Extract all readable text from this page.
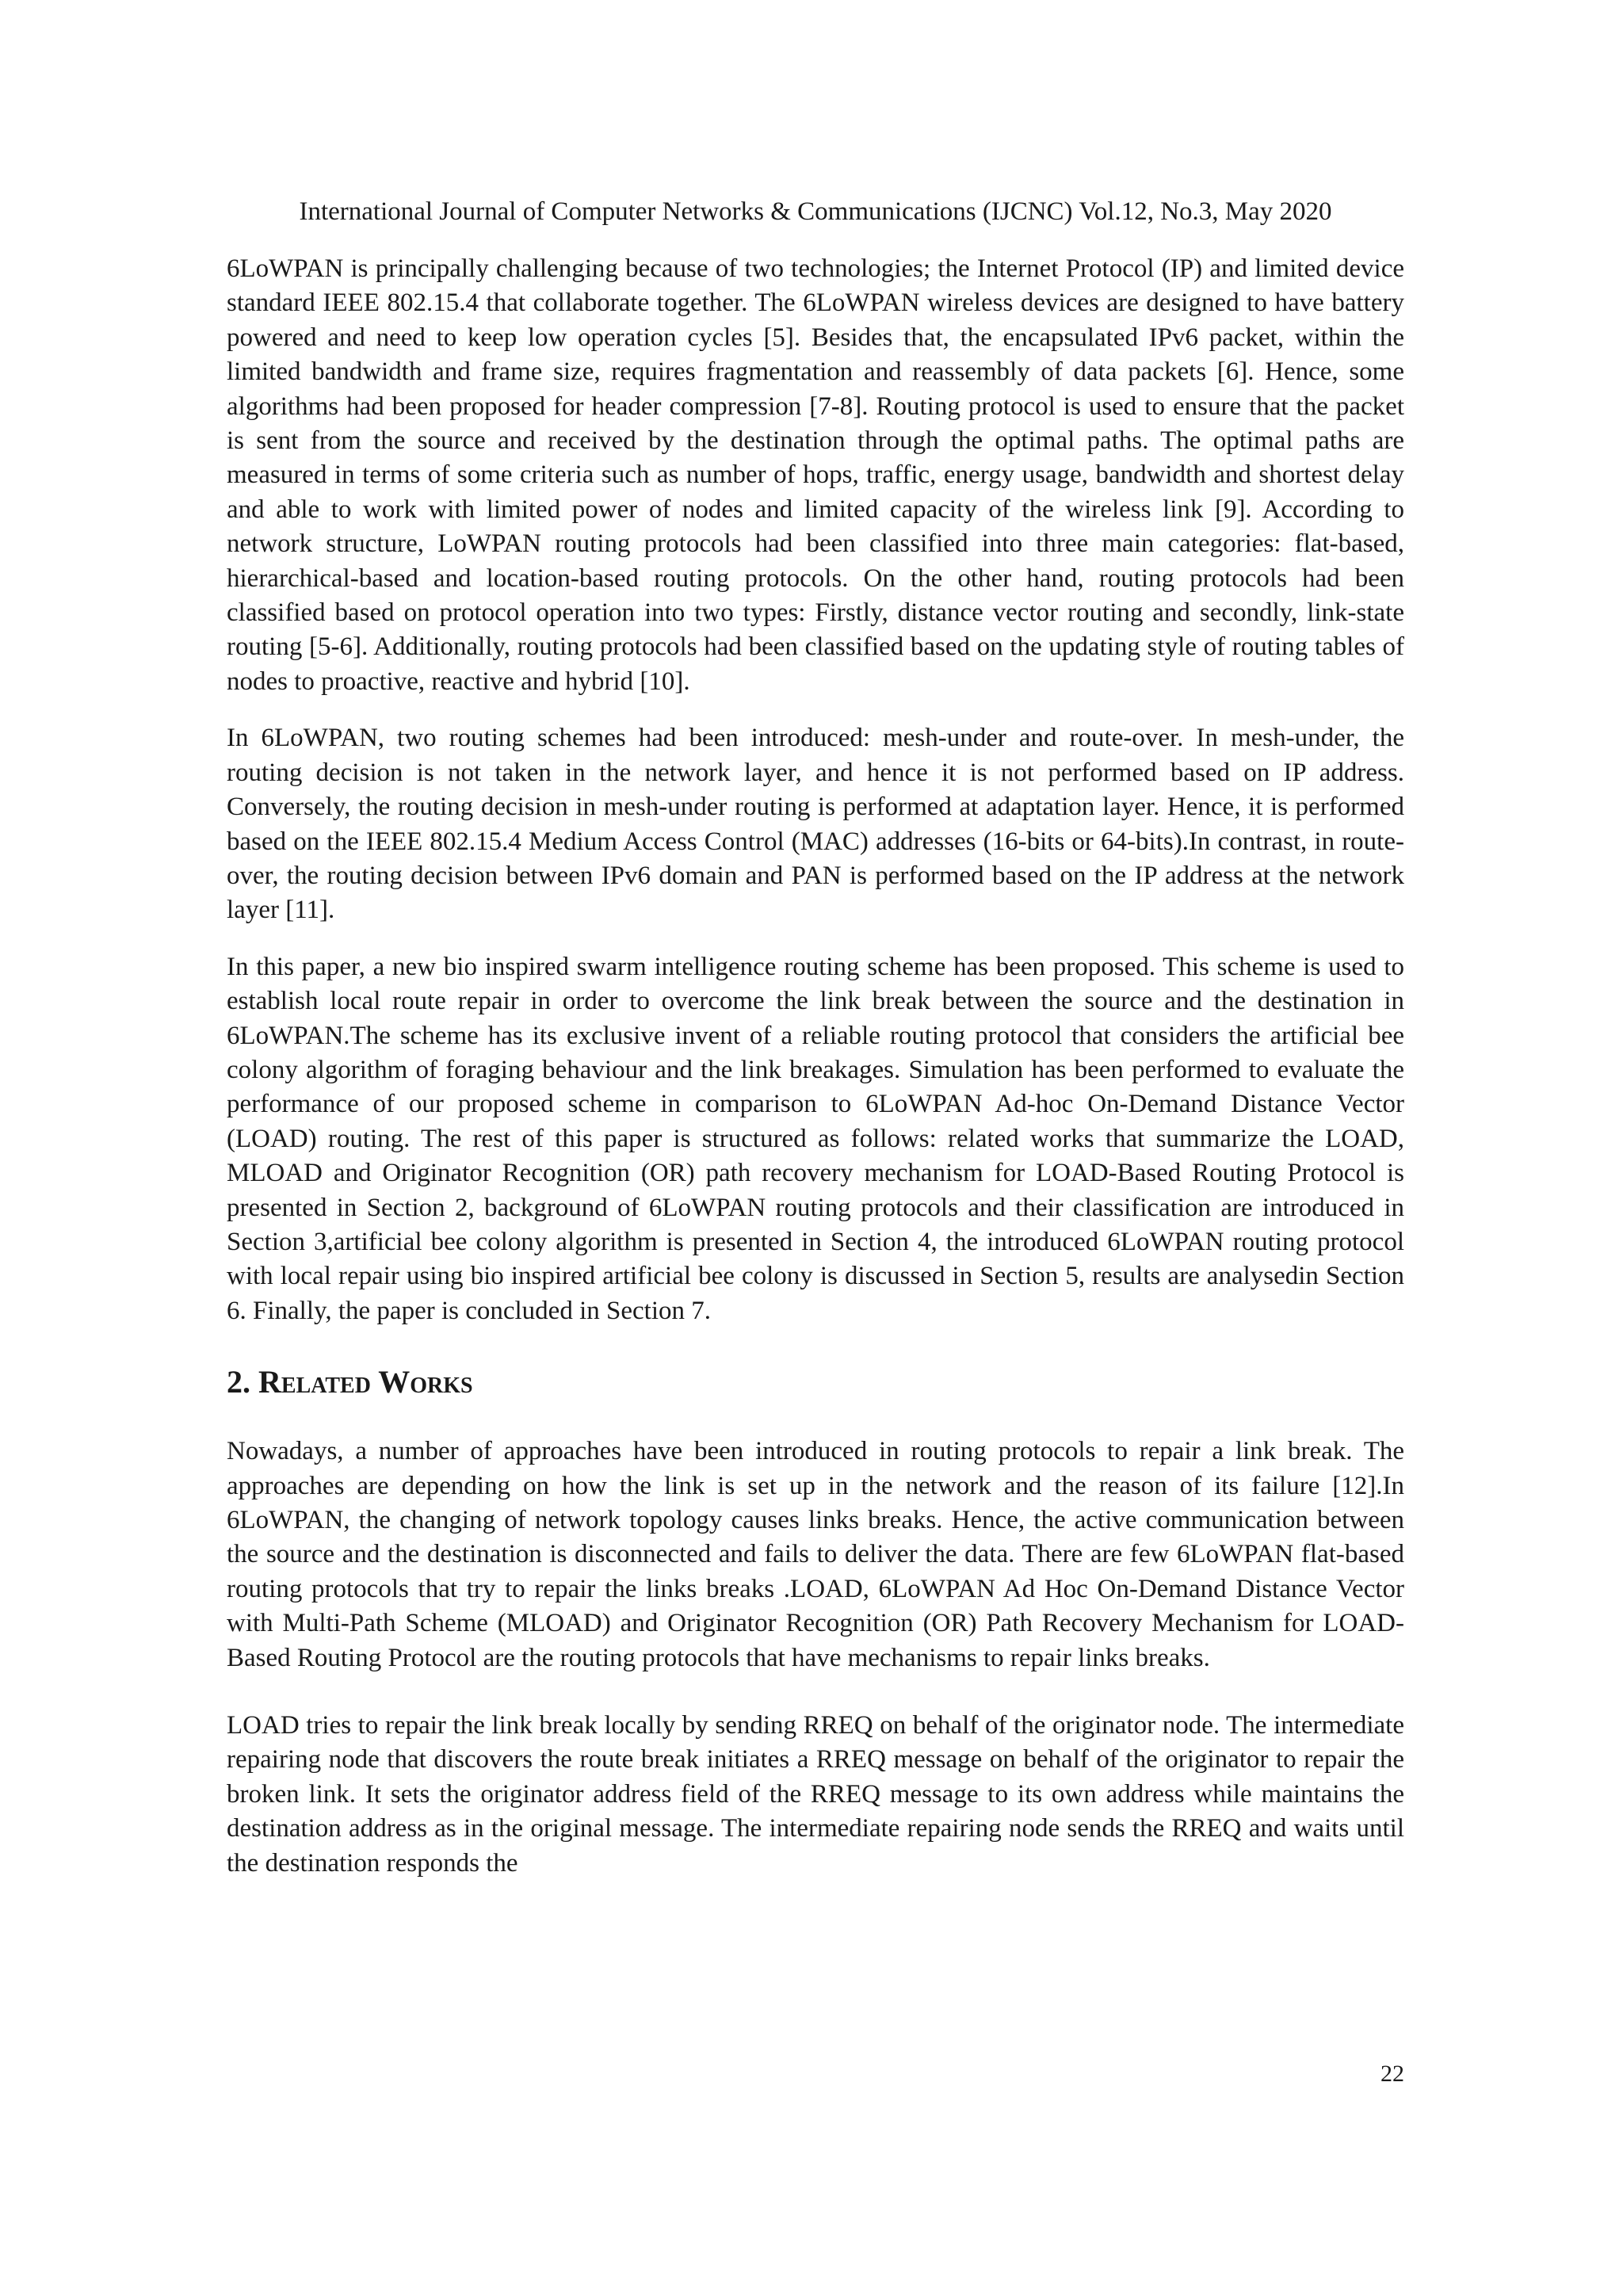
International Journal of Computer Networks & Communications (IJCNC) Vol.12, No.3, May 2020

6LoWPAN is principally challenging because of two technologies; the Internet Protocol (IP) and limited device standard IEEE 802.15.4 that collaborate together. The 6LoWPAN wireless devices are designed to have battery powered and need to keep low operation cycles [5]. Besides that, the encapsulated IPv6 packet, within the limited bandwidth and frame size, requires fragmentation and reassembly of data packets [6]. Hence, some algorithms had been proposed for header compression [7-8]. Routing protocol is used to ensure that the packet is sent from the source and received by the destination through the optimal paths. The optimal paths are measured in terms of some criteria such as number of hops, traffic, energy usage, bandwidth and shortest delay and able to work with limited power of nodes and limited capacity of the wireless link [9]. According to network structure, LoWPAN routing protocols had been classified into three main categories: flat-based, hierarchical-based and location-based routing protocols. On the other hand, routing protocols had been classified based on protocol operation into two types: Firstly, distance vector routing and secondly, link-state routing [5-6]. Additionally, routing protocols had been classified based on the updating style of routing tables of nodes to proactive, reactive and hybrid [10].

In 6LoWPAN, two routing schemes had been introduced: mesh-under and route-over. In mesh-under, the routing decision is not taken in the network layer, and hence it is not performed based on IP address. Conversely, the routing decision in mesh-under routing is performed at adaptation layer. Hence, it is performed based on the IEEE 802.15.4 Medium Access Control (MAC) addresses (16-bits or 64-bits).In contrast, in route-over, the routing decision between IPv6 domain and PAN is performed based on the IP address at the network layer [11].

In this paper, a new bio inspired swarm intelligence routing scheme has been proposed. This scheme is used to establish local route repair in order to overcome the link break between the source and the destination in 6LoWPAN.The scheme has its exclusive invent of a reliable routing protocol that considers the artificial bee colony algorithm of foraging behaviour and the link breakages. Simulation has been performed to evaluate the performance of our proposed scheme in comparison to 6LoWPAN Ad-hoc On-Demand Distance Vector (LOAD) routing. The rest of this paper is structured as follows: related works that summarize the LOAD, MLOAD and Originator Recognition (OR) path recovery mechanism for LOAD-Based Routing Protocol is presented in Section 2, background of 6LoWPAN routing protocols and their classification are introduced in Section 3,artificial bee colony algorithm is presented in Section 4, the introduced 6LoWPAN routing protocol with local repair using bio inspired artificial bee colony is discussed in Section 5, results are analysedin Section 6. Finally, the paper is concluded in Section 7.

2. Related Works

Nowadays, a number of approaches have been introduced in routing protocols to repair a link break. The approaches are depending on how the link is set up in the network and the reason of its failure [12].In 6LoWPAN, the changing of network topology causes links breaks. Hence, the active communication between the source and the destination is disconnected and fails to deliver the data. There are few 6LoWPAN flat-based routing protocols that try to repair the links breaks .LOAD, 6LoWPAN Ad Hoc On-Demand Distance Vector with Multi-Path Scheme (MLOAD) and Originator Recognition (OR) Path Recovery Mechanism for LOAD-Based Routing Protocol are the routing protocols that have mechanisms to repair links breaks.

LOAD tries to repair the link break locally by sending RREQ on behalf of the originator node. The intermediate repairing node that discovers the route break initiates a RREQ message on behalf of the originator to repair the broken link. It sets the originator address field of the RREQ message to its own address while maintains the destination address as in the original message. The intermediate repairing node sends the RREQ and waits until the destination responds the

22
